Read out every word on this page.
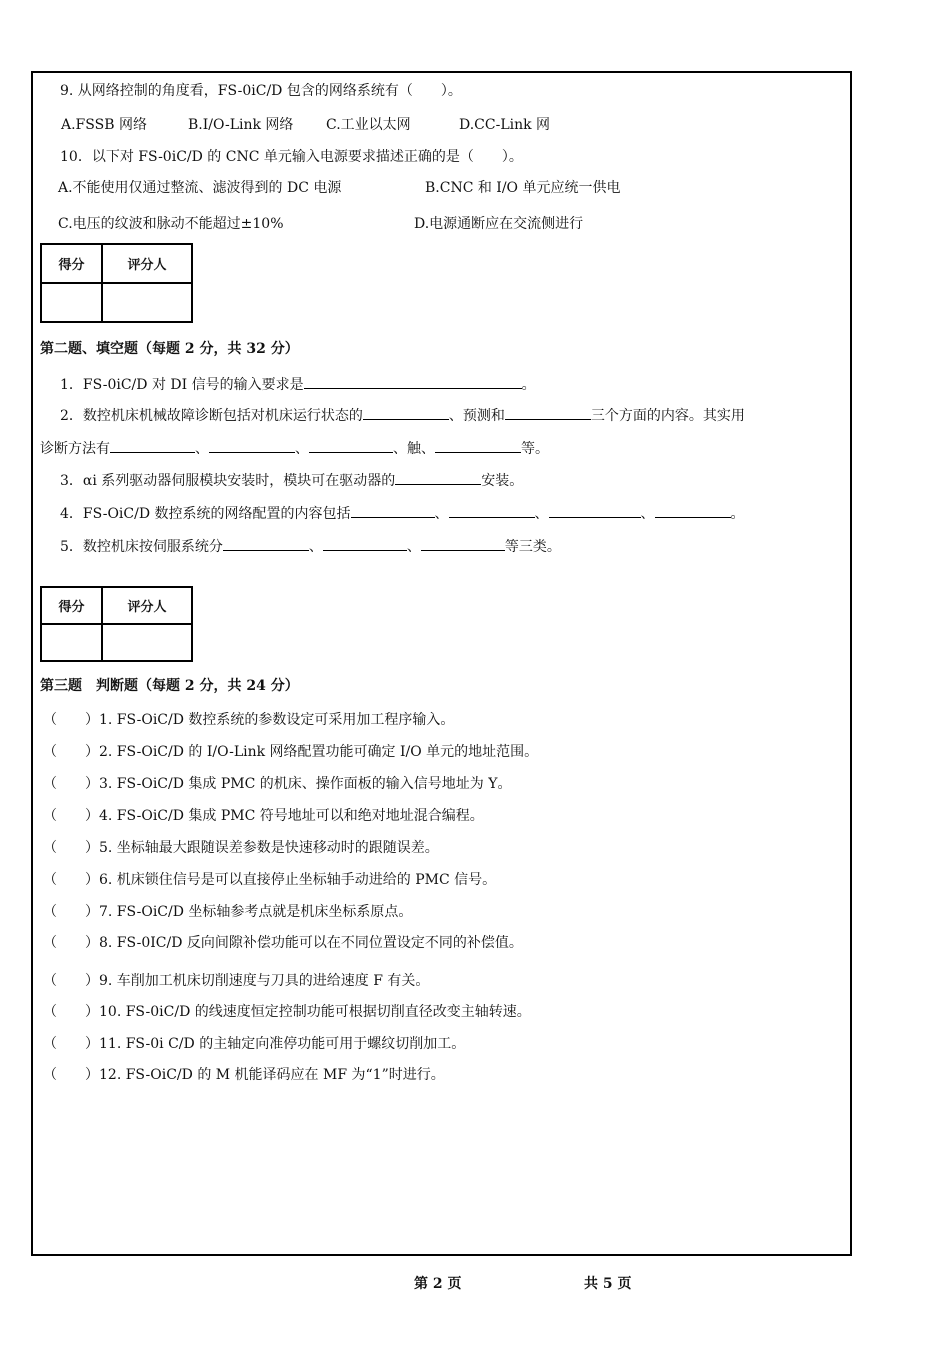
9. 从网络控制的角度看，FS-0iC/D 包含的网络系统有（　　）。
A.FSSB 网络	B.I/O-Link 网络 C.工业以太网	D.CC-Link 网
10．以下对 FS-0iC/D 的 CNC 单元输入电源要求描述正确的是（　　）。
A.不能使用仅通过整流、滤波得到的 DC 电源	B.CNC 和 I/O 单元应统一供电
C.电压的纹波和脉动不能超过±10%	D.电源通断应在交流侧进行
得分	评分人

第二题、填空题（每题 2 分，共 32 分）
1．FS-0iC/D 对 DI 信号的输入要求是	。
2．数控机床机械故障诊断包括对机床运行状态的	、预测和	三个方面的内容。其实用
诊断方法有	、	、	、触、	等。
3．αi 系列驱动器伺服模块安装时，模块可在驱动器的	安装。
4．FS-OiC/D 数控系统的网络配置的内容包括	、	、	、	。
5．数控机床按伺服系统分	、	、	等三类。
得分	评分人

第三题　判断题（每题 2 分，共 24 分）
（　　）1. FS-OiC/D 数控系统的参数设定可采用加工程序输入。
（　　）2. FS-OiC/D 的 I/O-Link 网络配置功能可确定 I/O 单元的地址范围。
（　　）3. FS-OiC/D 集成 PMC 的机床、操作面板的输入信号地址为 Y。
（　　）4. FS-OiC/D 集成 PMC 符号地址可以和绝对地址混合编程。
（　　）5. 坐标轴最大跟随误差参数是快速移动时的跟随误差。
（　　）6. 机床锁住信号是可以直接停止坐标轴手动进给的 PMC 信号。
（　　）7. FS-OiC/D 坐标轴参考点就是机床坐标系原点。
（　　）8. FS-0IC/D 反向间隙补偿功能可以在不同位置设定不同的补偿值。
（　　）9. 车削加工机床切削速度与刀具的进给速度 F 有关。
（　　）10. FS-0iC/D 的线速度恒定控制功能可根据切削直径改变主轴转速。
（　　）11. FS-0i C/D 的主轴定向准停功能可用于螺纹切削加工。
（　　）12. FS-OiC/D 的 M 机能译码应在 MF 为“1”时进行。
第 2 页	共 5 页
